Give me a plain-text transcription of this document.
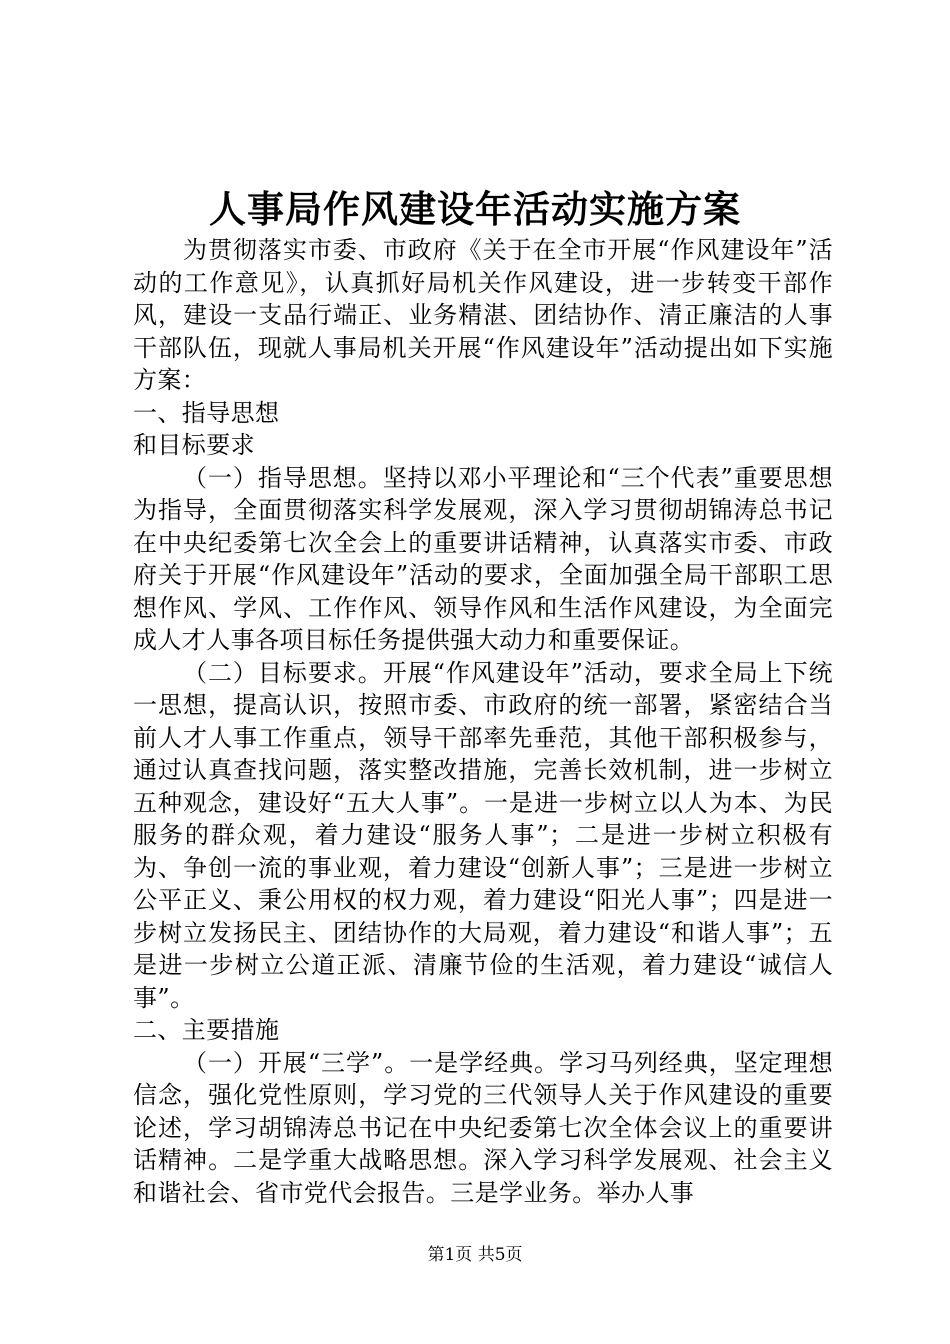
人事局作风建设年活动实施方案

为贯彻落实市委、市政府《关于在全市开展“作风建设年”活动的工作意见》，认真抓好局机关作风建设，进一步转变干部作风，建设一支品行端正、业务精湛、团结协作、清正廉洁的人事干部队伍，现就人事局机关开展“作风建设年”活动提出如下实施方案：

一、指导思想

和目标要求

（一）指导思想。坚持以邓小平理论和“三个代表”重要思想为指导，全面贯彻落实科学发展观，深入学习贯彻胡锦涛总书记在中央纪委第七次全会上的重要讲话精神，认真落实市委、市政府关于开展“作风建设年”活动的要求，全面加强全局干部职工思想作风、学风、工作作风、领导作风和生活作风建设，为全面完成人才人事各项目标任务提供强大动力和重要保证。

（二）目标要求。开展“作风建设年”活动，要求全局上下统一思想，提高认识，按照市委、市政府的统一部署，紧密结合当前人才人事工作重点，领导干部率先垂范，其他干部积极参与，通过认真查找问题，落实整改措施，完善长效机制，进一步树立五种观念，建设好“五大人事”。一是进一步树立以人为本、为民服务的群众观，着力建设“服务人事”；二是进一步树立积极有为、争创一流的事业观，着力建设“创新人事”；三是进一步树立公平正义、秉公用权的权力观，着力建设“阳光人事”；四是进一步树立发扬民主、团结协作的大局观，着力建设“和谐人事”；五是进一步树立公道正派、清廉节俭的生活观，着力建设“诚信人事”。

二、主要措施

（一）开展“三学”。一是学经典。学习马列经典，坚定理想信念，强化党性原则，学习党的三代领导人关于作风建设的重要论述，学习胡锦涛总书记在中央纪委第七次全体会议上的重要讲话精神。二是学重大战略思想。深入学习科学发展观、社会主义和谐社会、省市党代会报告。三是学业务。举办人事

第1页 共5页
